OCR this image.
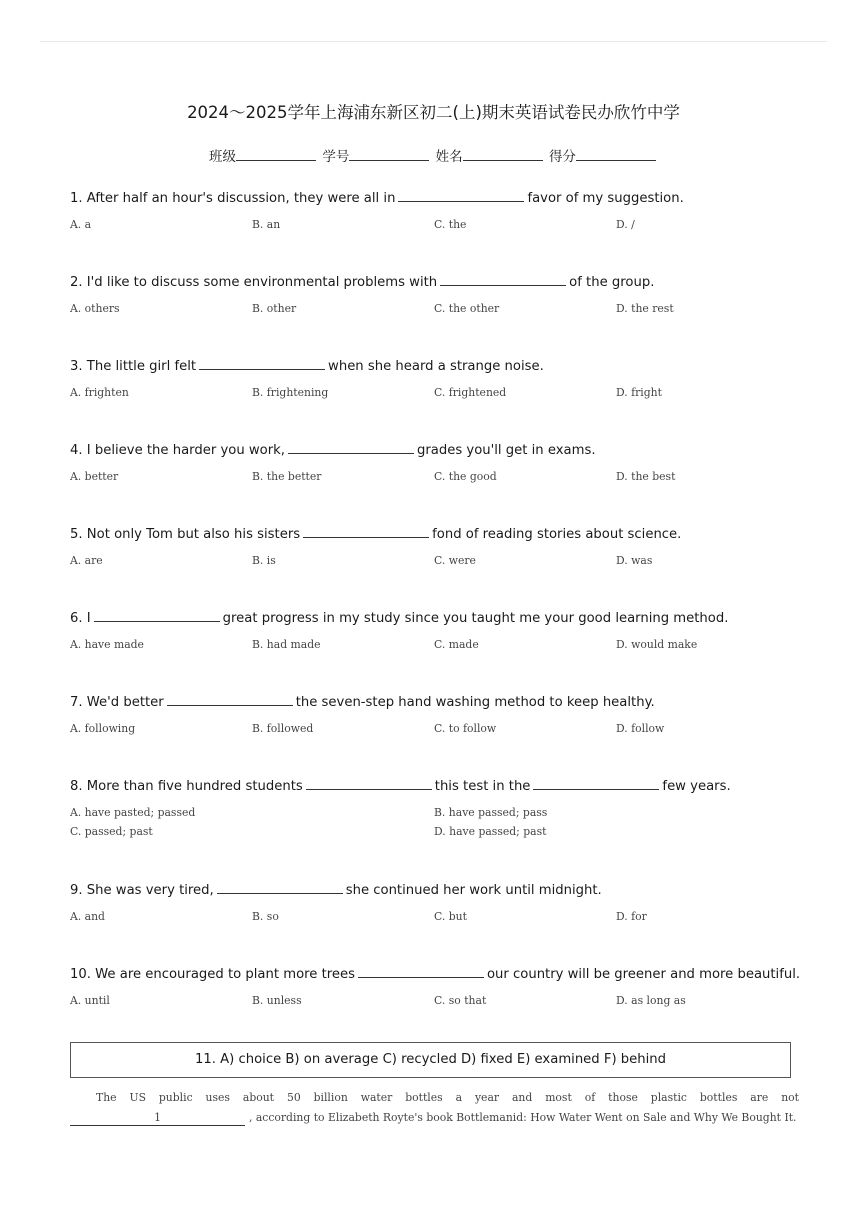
2024～2025学年上海浦东新区初二(上)期末英语试卷民办欣竹中学
班级	学号	姓名	得分
1. After half an hour's discussion, they were all in	favor of my suggestion.
A. a	B. an	C. the	D. /
2. I'd like to discuss some environmental problems with	of the group.
A. others	B. other	C. the other	D. the rest
3. The little girl felt	when she heard a strange noise.
A. frighten	B. frightening	C. frightened	D. fright
4. I believe the harder you work,	grades you'll get in exams.
A. better	B. the better	C. the good	D. the best
5. Not only Tom but also his sisters	fond of reading stories about science.
A. are	B. is	C. were	D. was
6. I	great progress in my study since you taught me your good learning method.
A. have made	B. had made	C. made	D. would make
7. We'd better	the seven-step hand washing method to keep healthy.
A. following	B. followed	C. to follow	D. follow
8. More than five hundred students	this test in the	few years.
A. have pasted; passed	B. have passed; pass
C. passed; past	D. have passed; past
9. She was very tired,	she continued her work until midnight.
A. and	B. so	C. but	D. for
10. We are encouraged to plant more trees	our country will be greener and more beautiful.
A. until	B. unless	C. so that	D. as long as
11. A) choice B) on average C) recycled D) fixed E) examined F) behind
The US public uses about 50 billion water bottles a year and most of those plastic bottles are not 1	, according to Elizabeth Royte's book Bottlemanid: How Water Went on Sale and Why We Bought It.
